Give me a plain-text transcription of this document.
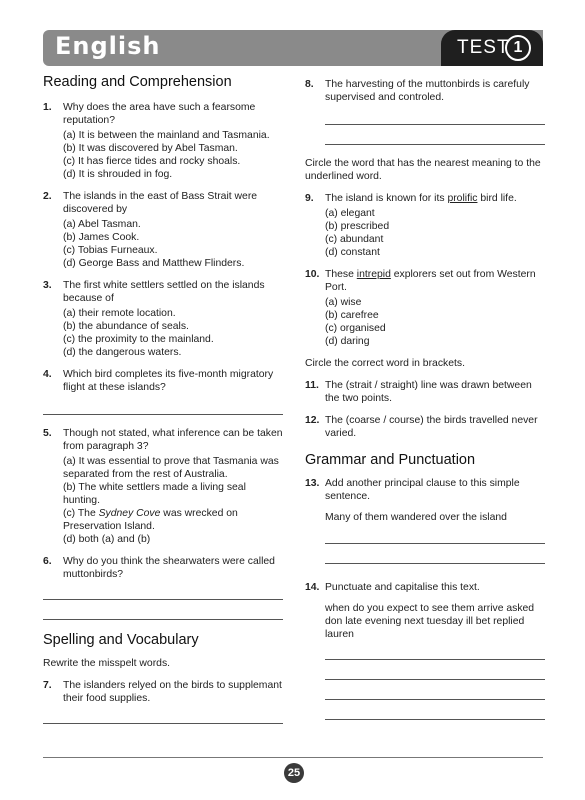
English	TEST 1
Reading and Comprehension
1. Why does the area have such a fearsome reputation?
(a) It is between the mainland and Tasmania.
(b) It was discovered by Abel Tasman.
(c) It has fierce tides and rocky shoals.
(d) It is shrouded in fog.
2. The islands in the east of Bass Strait were discovered by
(a) Abel Tasman.
(b) James Cook.
(c) Tobias Furneaux.
(d) George Bass and Matthew Flinders.
3. The first white settlers settled on the islands because of
(a) their remote location.
(b) the abundance of seals.
(c) the proximity to the mainland.
(d) the dangerous waters.
4. Which bird completes its five-month migratory flight at these islands?
5. Though not stated, what inference can be taken from paragraph 3?
(a) It was essential to prove that Tasmania was separated from the rest of Australia.
(b) The white settlers made a living seal hunting.
(c) The Sydney Cove was wrecked on Preservation Island.
(d) both (a) and (b)
6. Why do you think the shearwaters were called muttonbirds?
Spelling and Vocabulary
Rewrite the misspelt words.
7. The islanders relyed on the birds to supplemant their food supplies.
8. The harvesting of the muttonbirds is carefuly supervised and controled.
Circle the word that has the nearest meaning to the underlined word.
9. The island is known for its prolific bird life.
(a) elegant
(b) prescribed
(c) abundant
(d) constant
10. These intrepid explorers set out from Western Port.
(a) wise
(b) carefree
(c) organised
(d) daring
Circle the correct word in brackets.
11. The (strait / straight) line was drawn between the two points.
12. The (coarse / course) the birds travelled never varied.
Grammar and Punctuation
13. Add another principal clause to this simple sentence.
Many of them wandered over the island
14. Punctuate and capitalise this text.
when do you expect to see them arrive asked don late evening next tuesday ill bet replied lauren
25
